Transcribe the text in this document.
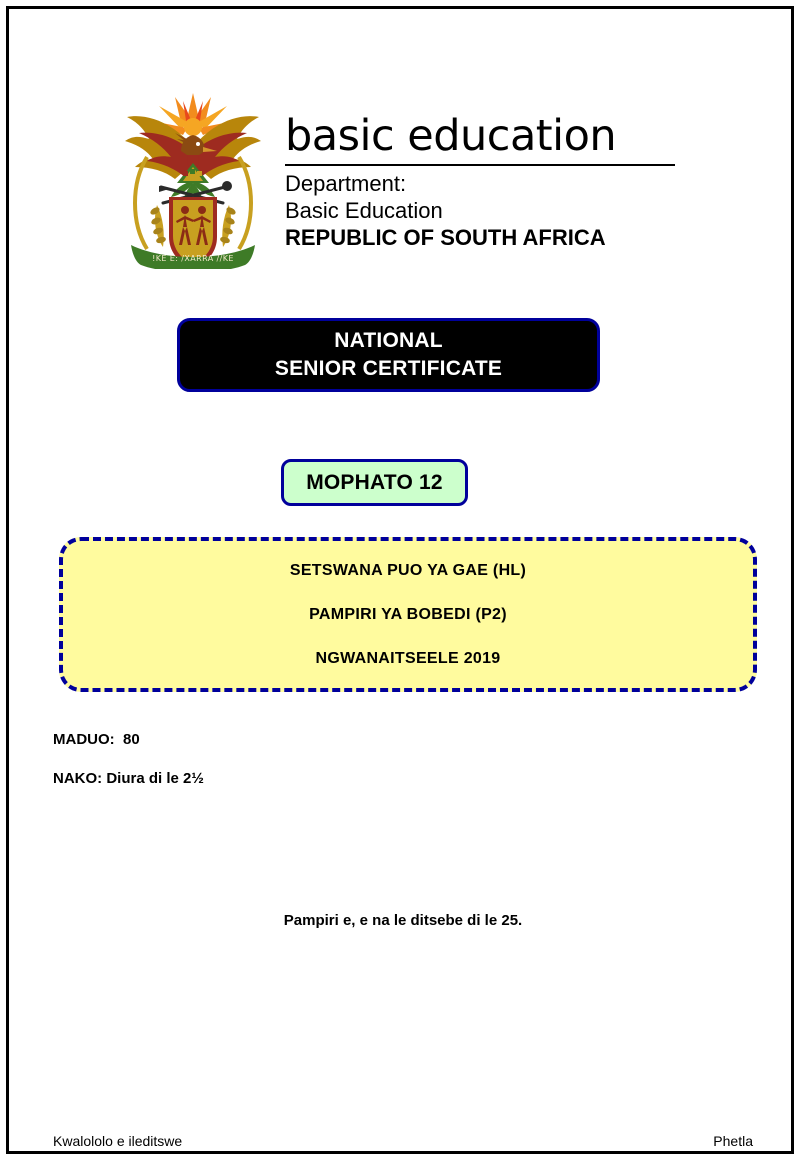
!KE E: /XARRA //KE
basic education
Department:
Basic Education
REPUBLIC OF SOUTH AFRICA
NATIONAL
SENIOR CERTIFICATE
MOPHATO 12
SETSWANA PUO YA GAE (HL)
PAMPIRI YA BOBEDI (P2)
NGWANAITSEELE 2019
MADUO:  80
NAKO: Diura di le 2½
Pampiri e, e na le ditsebe di le 25.
Kwalololo e ileditswe	Phetla
